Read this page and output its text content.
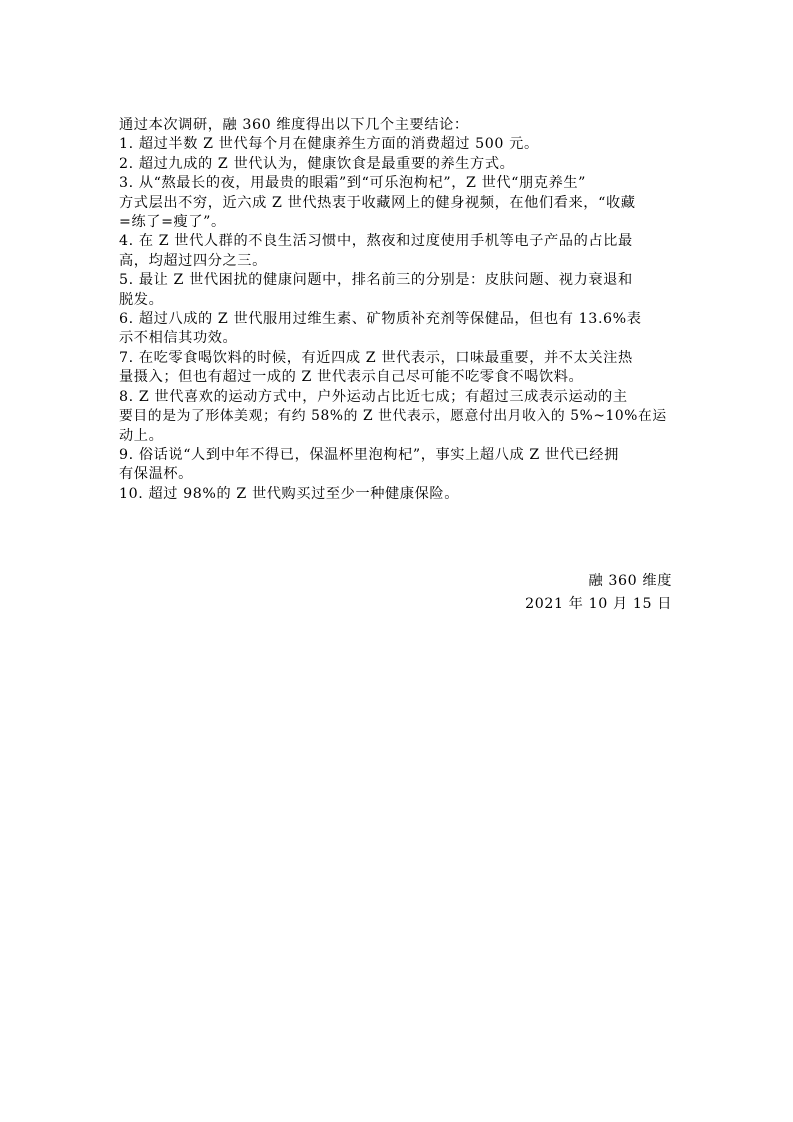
通过本次调研，融 360 维度得出以下几个主要结论：

1. 超过半数 Z 世代每个月在健康养生方面的消费超过 500 元。

2. 超过九成的 Z 世代认为，健康饮食是最重要的养生方式。

3. 从“熬最长的夜，用最贵的眼霜”到“可乐泡枸杞”，Z 世代“朋克养生”

方式层出不穷，近六成 Z 世代热衷于收藏网上的健身视频，在他们看来，“收藏

=练了=瘦了”。

4. 在 Z 世代人群的不良生活习惯中，熬夜和过度使用手机等电子产品的占比最

高，均超过四分之三。

5. 最让 Z 世代困扰的健康问题中，排名前三的分别是：皮肤问题、视力衰退和

脱发。

6. 超过八成的 Z 世代服用过维生素、矿物质补充剂等保健品，但也有 13.6%表

示不相信其功效。

7. 在吃零食喝饮料的时候，有近四成 Z 世代表示，口味最重要，并不太关注热

量摄入；但也有超过一成的 Z 世代表示自己尽可能不吃零食不喝饮料。

8. Z 世代喜欢的运动方式中，户外运动占比近七成；有超过三成表示运动的主

要目的是为了形体美观；有约 58%的 Z 世代表示，愿意付出月收入的 5%~10%在运

动上。

9. 俗话说“人到中年不得已，保温杯里泡枸杞”，事实上超八成 Z 世代已经拥

有保温杯。

10. 超过 98%的 Z 世代购买过至少一种健康保险。

融 360 维度
2021 年 10 月 15 日
